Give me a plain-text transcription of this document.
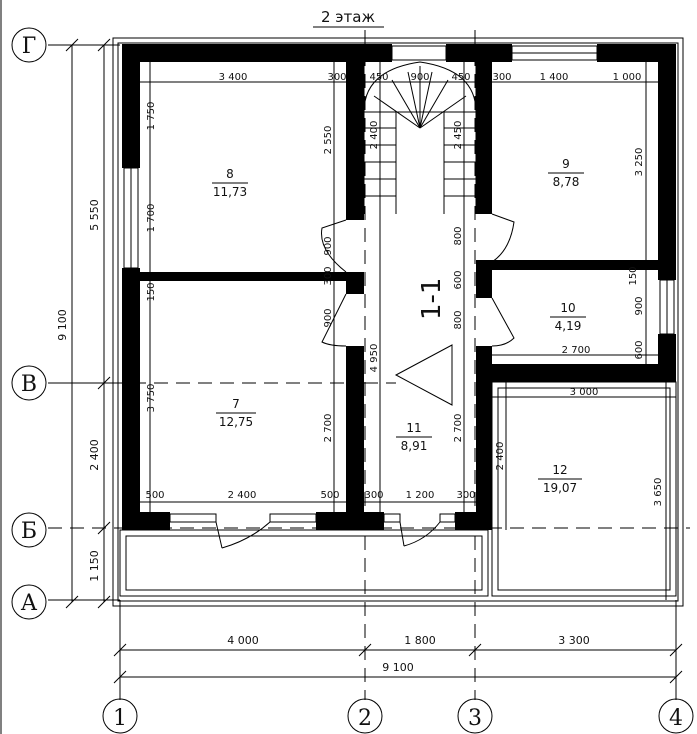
2 этаж
Г
В
Б
А
1	2	3	4
5 550
2 400
1 150
9 100
4 000	1 800	3 300
9 100
1-1
3 400	300 450 900 450 300	1 400	1 000
1 750
1 700
150
2 550	2 400	2 450
900
300
900
800
600
800
4 950
3 250
150
900
600
2 700
3 000
2 400
3 650
3 750
2 700	2 700
500	2 400	500 300 1 200 300
8
11,73
9
8,78
10
4,19
7
12,75	11
8,91
12
19,07
